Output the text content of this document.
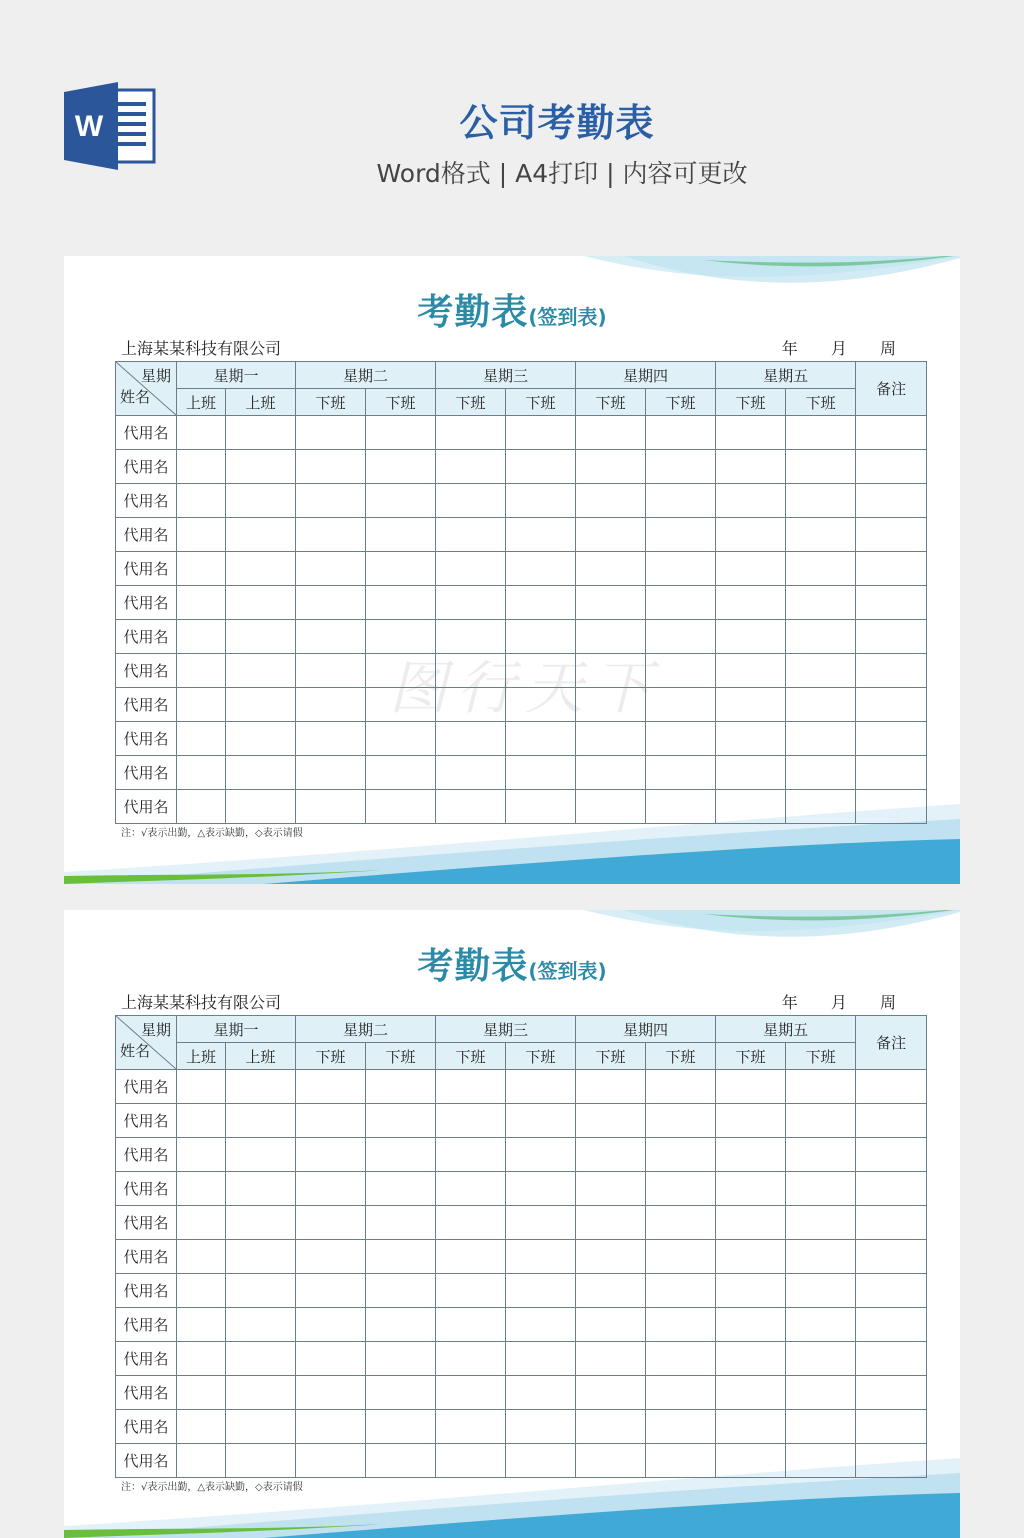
W	公司考勤表
Word格式 | A4打印 | 内容可更改
图行天下
考勤表(签到表)
上海某某科技有限公司	年 月 周
星期
姓名	星期一		星期二		星期三		星期四		星期五		备注
	上班	上班	下班	下班	下班	下班	下班	下班	下班	下班	
代用名											
代用名											
代用名											
代用名											
代用名											
代用名											
代用名											
代用名											
代用名											
代用名											
代用名											
代用名											
注：√表示出勤，△表示缺勤，◇表示请假
考勤表(签到表)
上海某某科技有限公司	年 月 周
星期
姓名	星期一		星期二		星期三		星期四		星期五		备注
	上班	上班	下班	下班	下班	下班	下班	下班	下班	下班	
代用名											
代用名											
代用名											
代用名											
代用名											
代用名											
代用名											
代用名											
代用名											
代用名											
代用名											
代用名											
注：√表示出勤，△表示缺勤，◇表示请假
